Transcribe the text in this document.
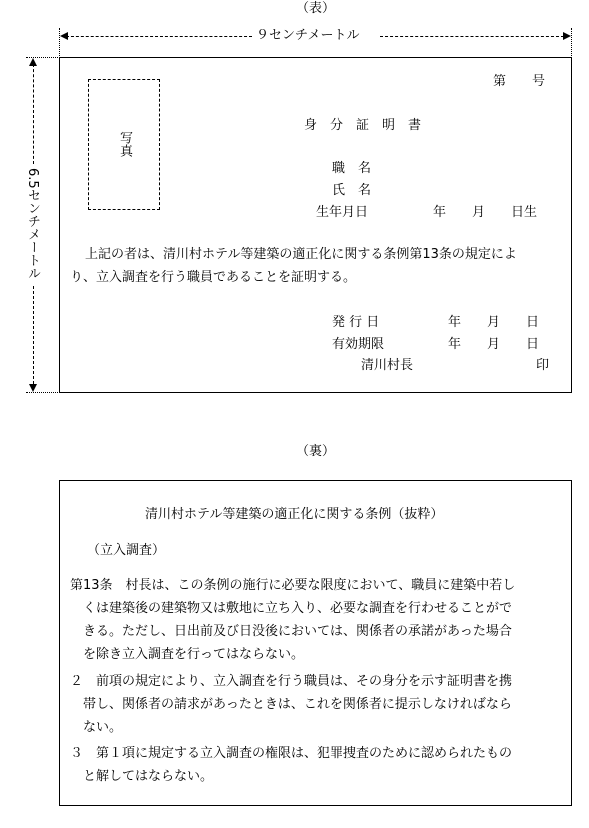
（表）
９センチメートル
6.5センチメートル
第　　号
写真
身　分　証　明　書
職　名
氏　名
生年月日	年　　月　　日生
上記の者は、清川村ホテル等建築の適正化に関する条例第13条の規定によ
り、立入調査を行う職員であることを証明する。
発 行 日	年　　月　　日
有効期限	年　　月　　日
清川村長	印
（裏）
清川村ホテル等建築の適正化に関する条例（抜粋）
（立入調査）
第13条　村長は、この条例の施行に必要な限度において、職員に建築中若し
くは建築後の建築物又は敷地に立ち入り、必要な調査を行わせることがで
きる。ただし、日出前及び日没後においては、関係者の承諾があった場合
を除き立入調査を行ってはならない。
２　前項の規定により、立入調査を行う職員は、その身分を示す証明書を携
帯し、関係者の請求があったときは、これを関係者に提示しなければなら
ない。
３　第１項に規定する立入調査の権限は、犯罪捜査のために認められたもの
と解してはならない。
